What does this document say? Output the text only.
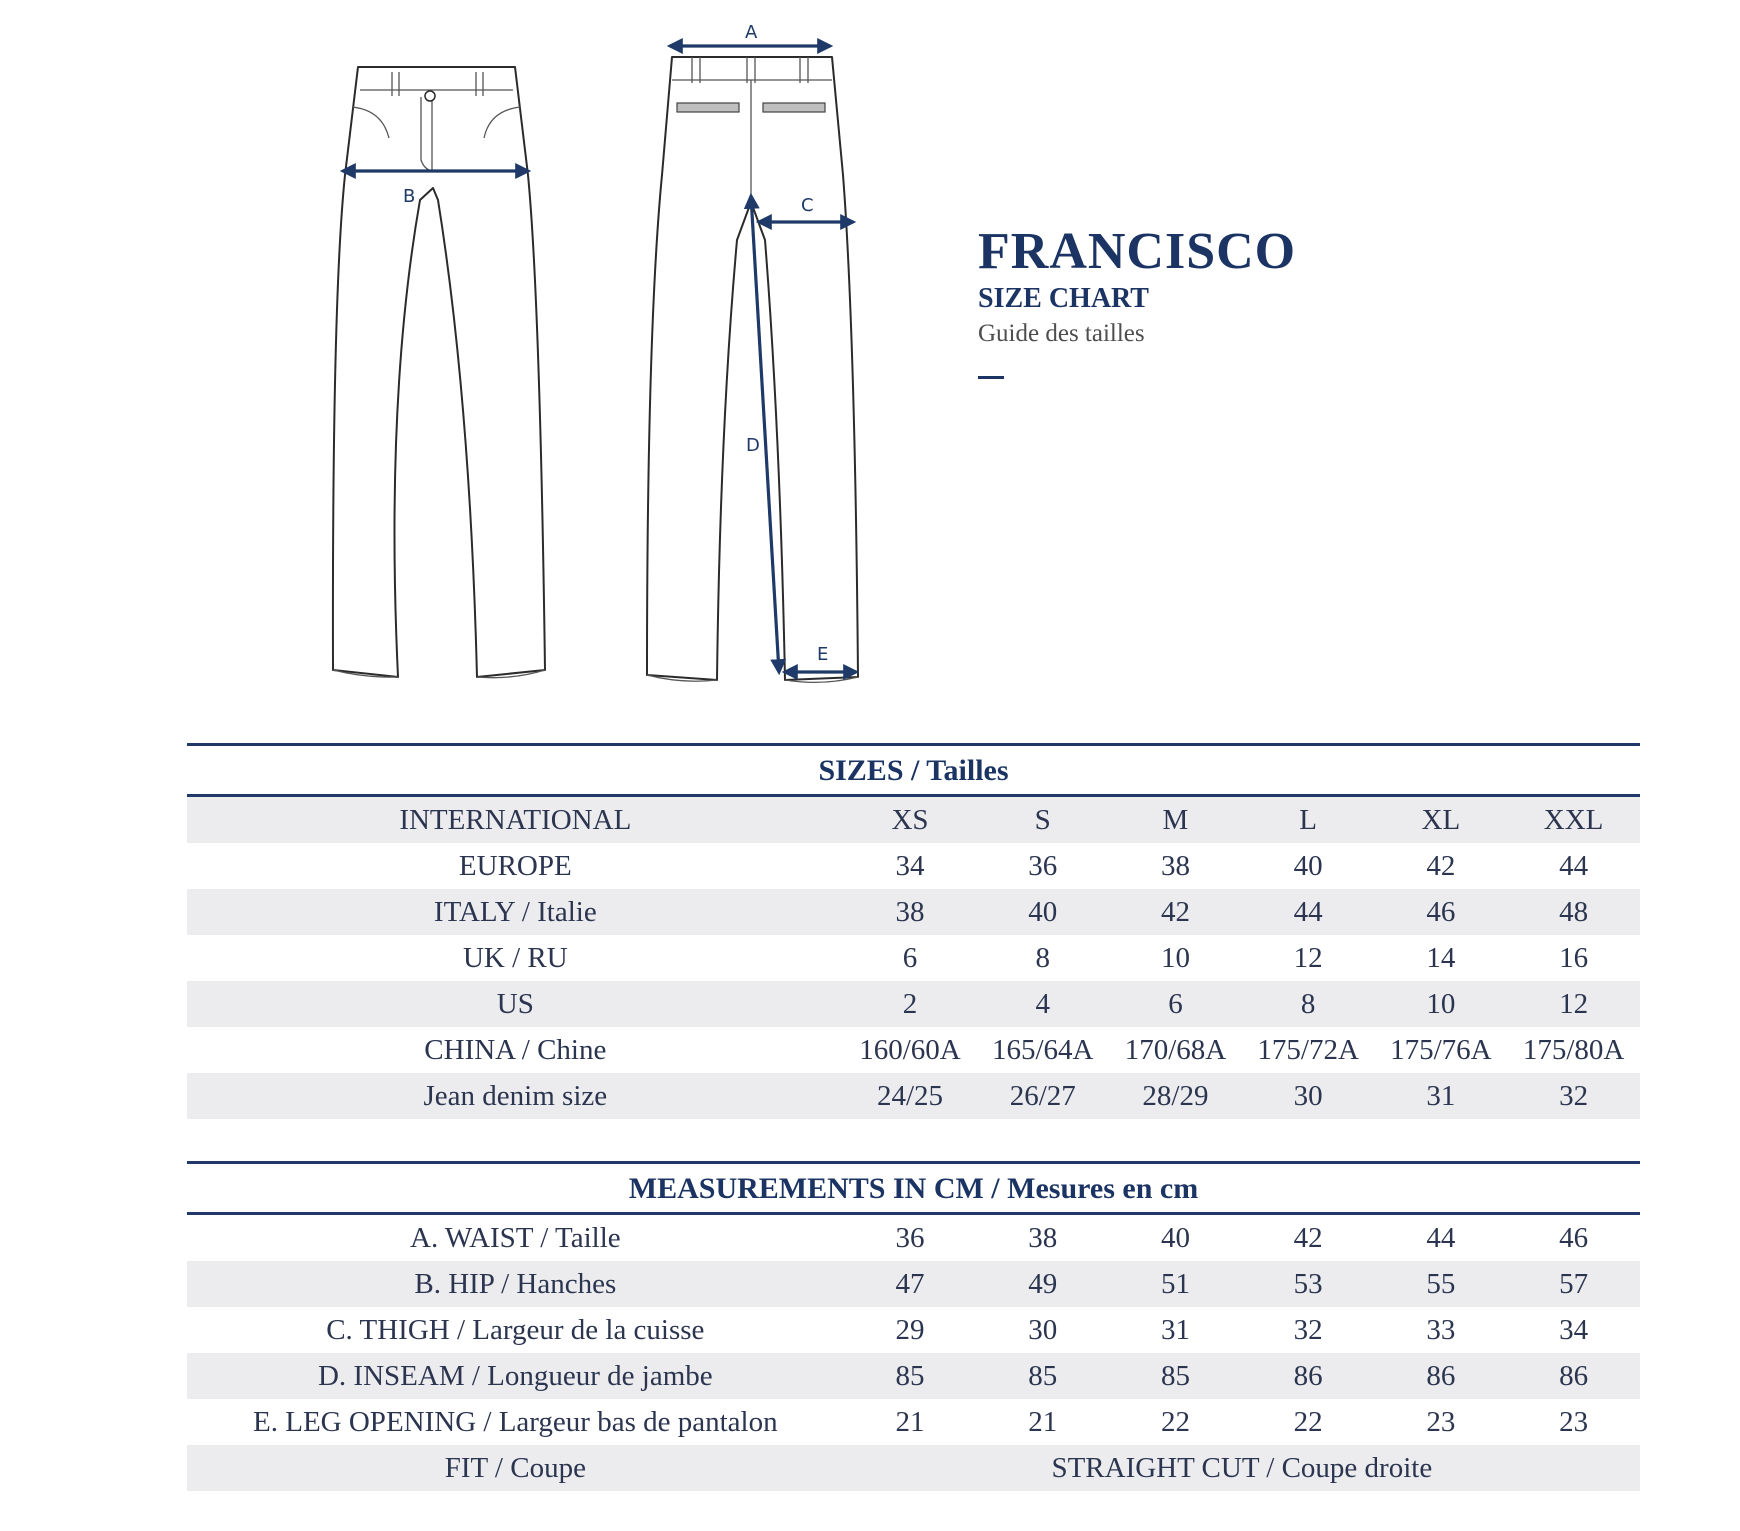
A
B	C
D
E
FRANCISCO
SIZE CHART
Guide des tailles
SIZES / Tailles
INTERNATIONAL	XS	S	M	L	XL	XXL
EUROPE	34	36	38	40	42	44
ITALY / Italie	38	40	42	44	46	48
UK / RU	6	8	10	12	14	16
US	2	4	6	8	10	12
CHINA / Chine	160/60A	165/64A	170/68A	175/72A	175/76A	175/80A
Jean denim size	24/25	26/27	28/29	30	31	32
MEASUREMENTS IN CM / Mesures en cm
A. WAIST / Taille	36	38	40	42	44	46
B. HIP / Hanches	47	49	51	53	55	57
C. THIGH / Largeur de la cuisse	29	30	31	32	33	34
D. INSEAM / Longueur de jambe	85	85	85	86	86	86
E. LEG OPENING / Largeur bas de pantalon	21	21	22	22	23	23
FIT / Coupe	STRAIGHT CUT / Coupe droite
